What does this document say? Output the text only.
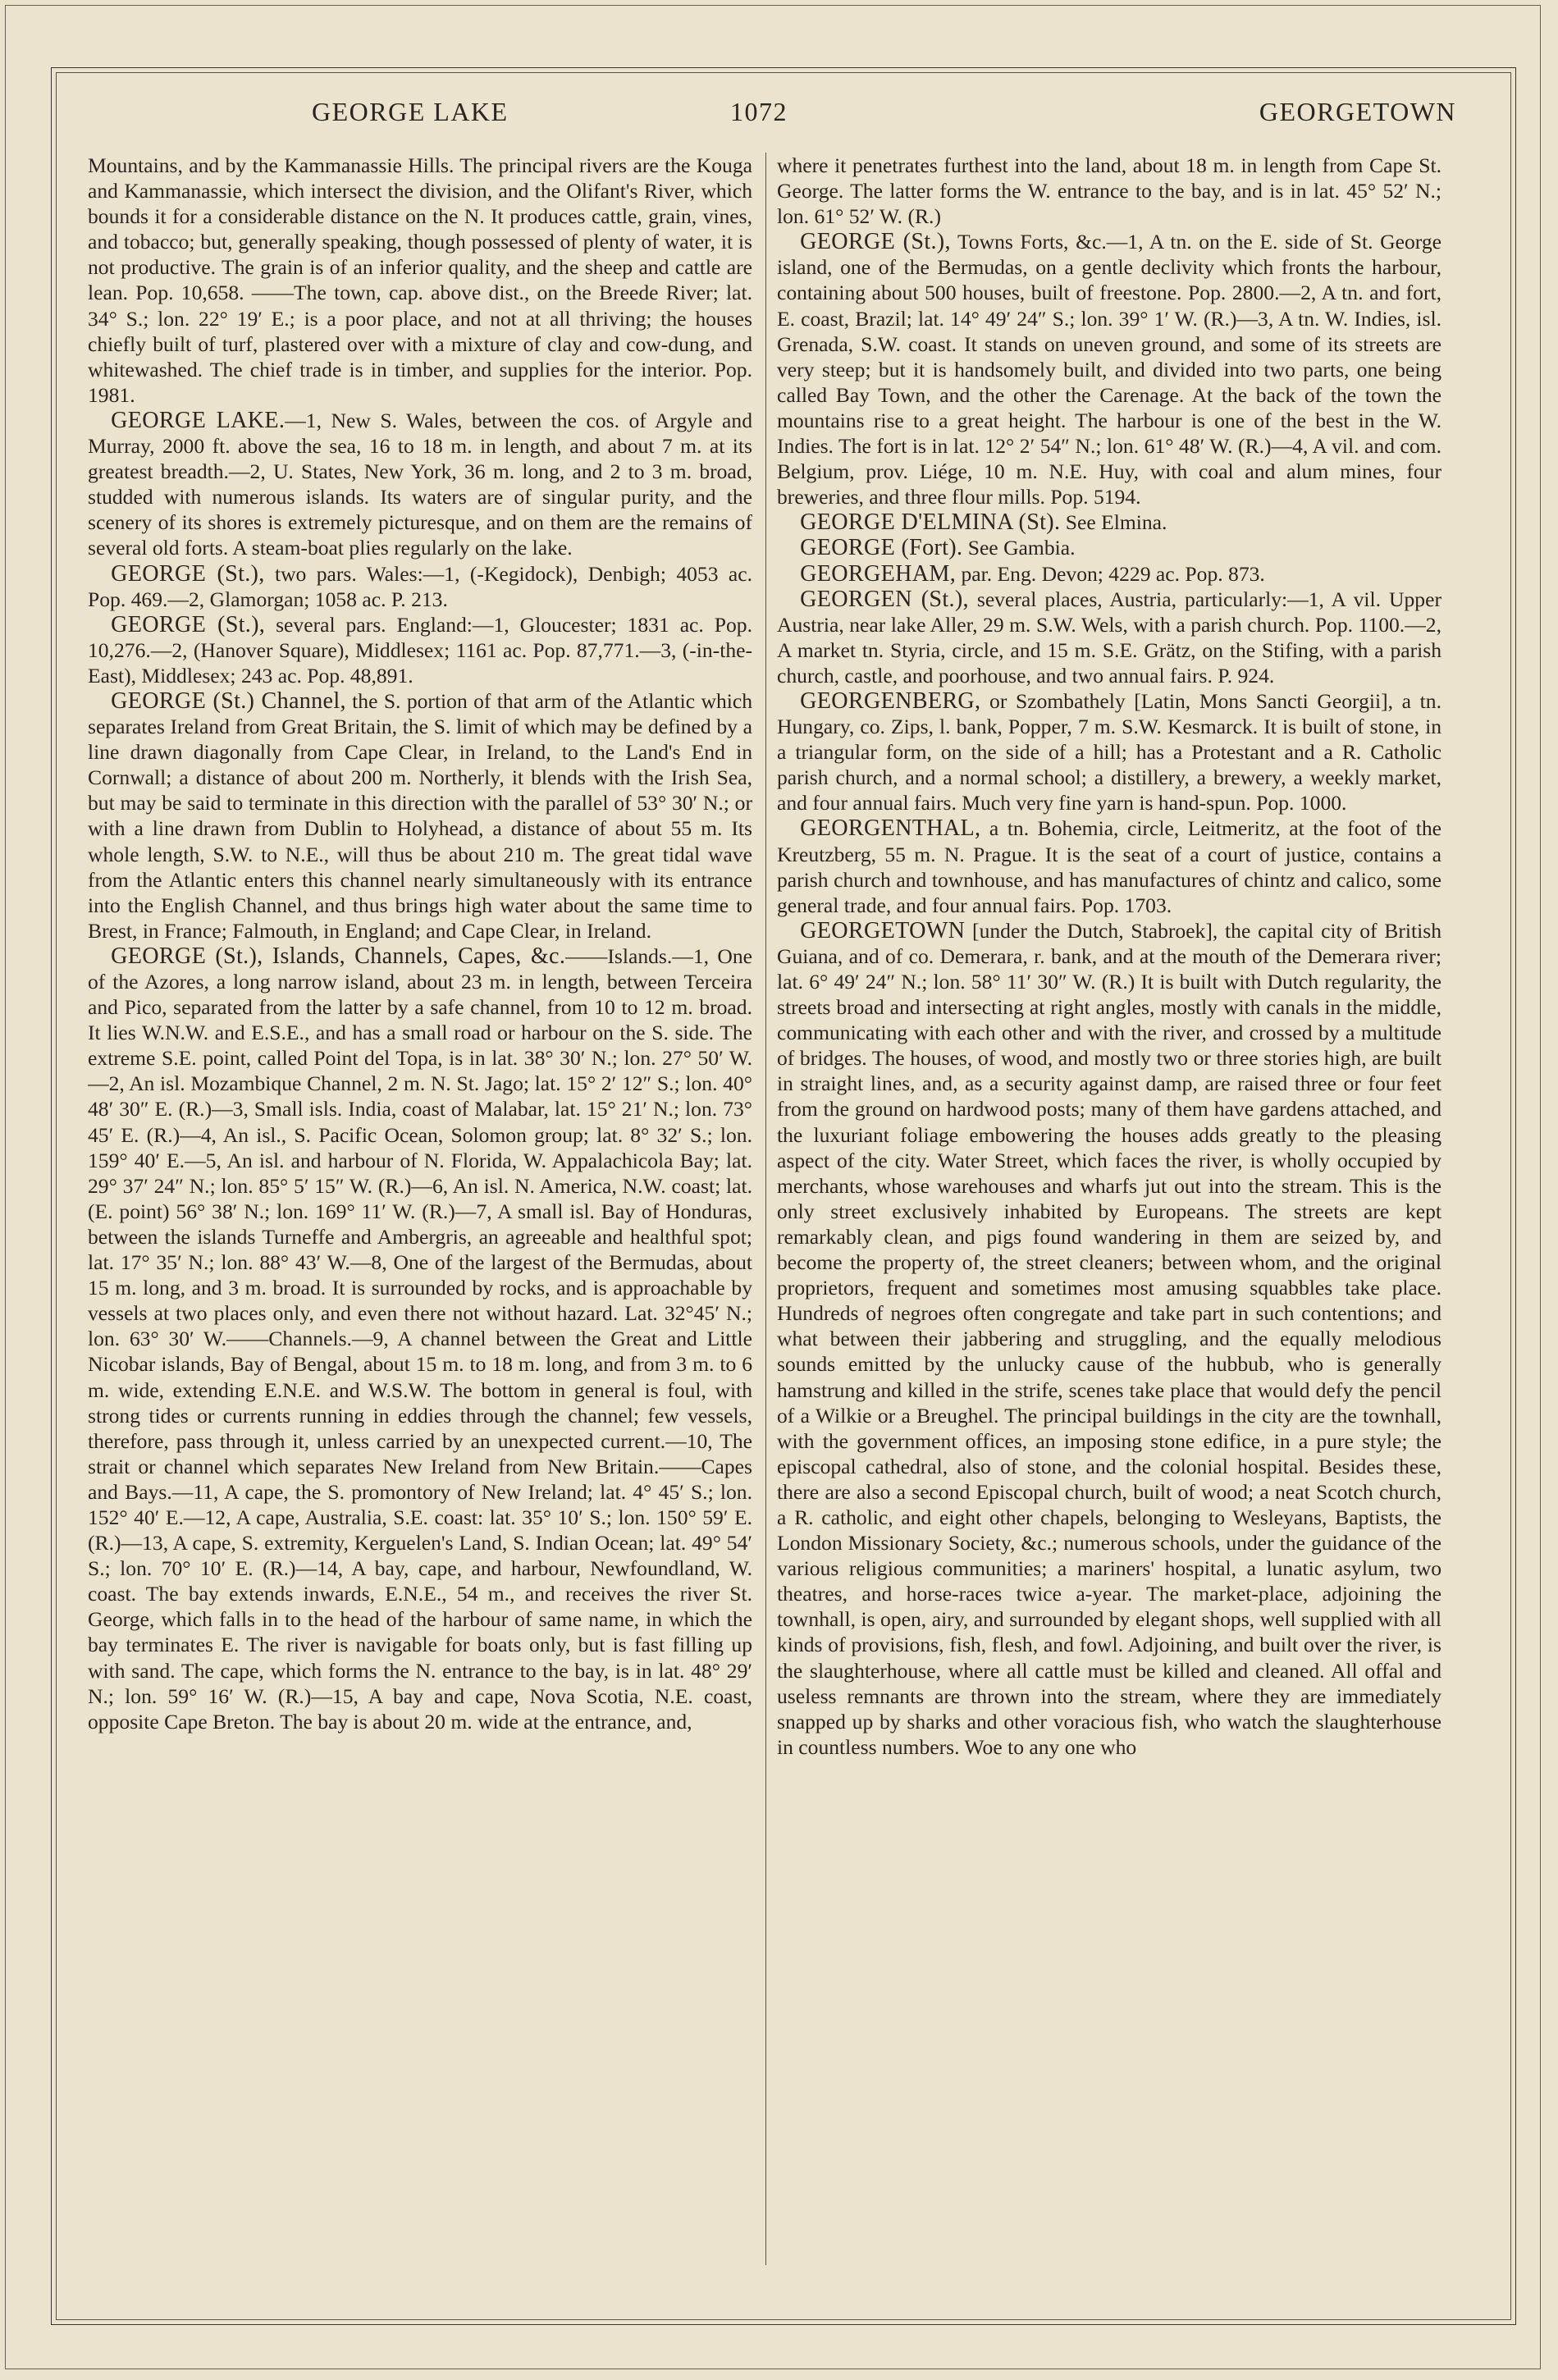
GEORGE LAKE	1072	GEORGETOWN

Mountains, and by the Kammanassie Hills. The principal rivers are the Kouga and Kammanassie, which intersect the division, and the Olifant's River, which bounds it for a considerable distance on the N. It produces cattle, grain, vines, and tobacco; but, generally speaking, though possessed of plenty of water, it is not productive. The grain is of an inferior quality, and the sheep and cattle are lean. Pop. 10,658. ——The town, cap. above dist., on the Breede River; lat. 34° S.; lon. 22° 19′ E.; is a poor place, and not at all thriving; the houses chiefly built of turf, plastered over with a mixture of clay and cow-dung, and whitewashed. The chief trade is in timber, and supplies for the interior. Pop. 1981.

GEORGE LAKE.—1, New S. Wales, between the cos. of Argyle and Murray, 2000 ft. above the sea, 16 to 18 m. in length, and about 7 m. at its greatest breadth.—2, U. States, New York, 36 m. long, and 2 to 3 m. broad, studded with numerous islands. Its waters are of singular purity, and the scenery of its shores is extremely picturesque, and on them are the remains of several old forts. A steam-boat plies regularly on the lake.

GEORGE (St.), two pars. Wales:—1, (-Kegidock), Denbigh; 4053 ac. Pop. 469.—2, Glamorgan; 1058 ac. P. 213.

GEORGE (St.), several pars. England:—1, Gloucester; 1831 ac. Pop. 10,276.—2, (Hanover Square), Middlesex; 1161 ac. Pop. 87,771.—3, (-in-the-East), Middlesex; 243 ac. Pop. 48,891.

GEORGE (St.) Channel, the S. portion of that arm of the Atlantic which separates Ireland from Great Britain, the S. limit of which may be defined by a line drawn diagonally from Cape Clear, in Ireland, to the Land's End in Cornwall; a distance of about 200 m. Northerly, it blends with the Irish Sea, but may be said to terminate in this direction with the parallel of 53° 30′ N.; or with a line drawn from Dublin to Holyhead, a distance of about 55 m. Its whole length, S.W. to N.E., will thus be about 210 m. The great tidal wave from the Atlantic enters this channel nearly simultaneously with its entrance into the English Channel, and thus brings high water about the same time to Brest, in France; Falmouth, in England; and Cape Clear, in Ireland.

GEORGE (St.), Islands, Channels, Capes, &c.——Islands.—1, One of the Azores, a long narrow island, about 23 m. in length, between Terceira and Pico, separated from the latter by a safe channel, from 10 to 12 m. broad. It lies W.N.W. and E.S.E., and has a small road or harbour on the S. side. The extreme S.E. point, called Point del Topa, is in lat. 38° 30′ N.; lon. 27° 50′ W.—2, An isl. Mozambique Channel, 2 m. N. St. Jago; lat. 15° 2′ 12″ S.; lon. 40° 48′ 30″ E. (R.)—3, Small isls. India, coast of Malabar, lat. 15° 21′ N.; lon. 73° 45′ E. (R.)—4, An isl., S. Pacific Ocean, Solomon group; lat. 8° 32′ S.; lon. 159° 40′ E.—5, An isl. and harbour of N. Florida, W. Appalachicola Bay; lat. 29° 37′ 24″ N.; lon. 85° 5′ 15″ W. (R.)—6, An isl. N. America, N.W. coast; lat. (E. point) 56° 38′ N.; lon. 169° 11′ W. (R.)—7, A small isl. Bay of Honduras, between the islands Turneffe and Ambergris, an agreeable and healthful spot; lat. 17° 35′ N.; lon. 88° 43′ W.—8, One of the largest of the Bermudas, about 15 m. long, and 3 m. broad. It is surrounded by rocks, and is approachable by vessels at two places only, and even there not without hazard. Lat. 32°45′ N.; lon. 63° 30′ W.——Channels.—9, A channel between the Great and Little Nicobar islands, Bay of Bengal, about 15 m. to 18 m. long, and from 3 m. to 6 m. wide, extending E.N.E. and W.S.W. The bottom in general is foul, with strong tides or currents running in eddies through the channel; few vessels, therefore, pass through it, unless carried by an unexpected current.—10, The strait or channel which separates New Ireland from New Britain.——Capes and Bays.—11, A cape, the S. promontory of New Ireland; lat. 4° 45′ S.; lon. 152° 40′ E.—12, A cape, Australia, S.E. coast: lat. 35° 10′ S.; lon. 150° 59′ E. (R.)—13, A cape, S. extremity, Kerguelen's Land, S. Indian Ocean; lat. 49° 54′ S.; lon. 70° 10′ E. (R.)—14, A bay, cape, and harbour, Newfoundland, W. coast. The bay extends inwards, E.N.E., 54 m., and receives the river St. George, which falls in to the head of the harbour of same name, in which the bay terminates E. The river is navigable for boats only, but is fast filling up with sand. The cape, which forms the N. entrance to the bay, is in lat. 48° 29′ N.; lon. 59° 16′ W. (R.)—15, A bay and cape, Nova Scotia, N.E. coast, opposite Cape Breton. The bay is about 20 m. wide at the entrance, and,

where it penetrates furthest into the land, about 18 m. in length from Cape St. George. The latter forms the W. entrance to the bay, and is in lat. 45° 52′ N.; lon. 61° 52′ W. (R.)

GEORGE (St.), Towns Forts, &c.—1, A tn. on the E. side of St. George island, one of the Bermudas, on a gentle declivity which fronts the harbour, containing about 500 houses, built of freestone. Pop. 2800.—2, A tn. and fort, E. coast, Brazil; lat. 14° 49′ 24″ S.; lon. 39° 1′ W. (R.)—3, A tn. W. Indies, isl. Grenada, S.W. coast. It stands on uneven ground, and some of its streets are very steep; but it is handsomely built, and divided into two parts, one being called Bay Town, and the other the Carenage. At the back of the town the mountains rise to a great height. The harbour is one of the best in the W. Indies. The fort is in lat. 12° 2′ 54″ N.; lon. 61° 48′ W. (R.)—4, A vil. and com. Belgium, prov. Liége, 10 m. N.E. Huy, with coal and alum mines, four breweries, and three flour mills. Pop. 5194.

GEORGE D'ELMINA (St). See Elmina.

GEORGE (Fort). See Gambia.

GEORGEHAM, par. Eng. Devon; 4229 ac. Pop. 873.

GEORGEN (St.), several places, Austria, particularly:—1, A vil. Upper Austria, near lake Aller, 29 m. S.W. Wels, with a parish church. Pop. 1100.—2, A market tn. Styria, circle, and 15 m. S.E. Grätz, on the Stifing, with a parish church, castle, and poorhouse, and two annual fairs. P. 924.

GEORGENBERG, or Szombathely [Latin, Mons Sancti Georgii], a tn. Hungary, co. Zips, l. bank, Popper, 7 m. S.W. Kesmarck. It is built of stone, in a triangular form, on the side of a hill; has a Protestant and a R. Catholic parish church, and a normal school; a distillery, a brewery, a weekly market, and four annual fairs. Much very fine yarn is hand-spun. Pop. 1000.

GEORGENTHAL, a tn. Bohemia, circle, Leitmeritz, at the foot of the Kreutzberg, 55 m. N. Prague. It is the seat of a court of justice, contains a parish church and townhouse, and has manufactures of chintz and calico, some general trade, and four annual fairs. Pop. 1703.

GEORGETOWN [under the Dutch, Stabroek], the capital city of British Guiana, and of co. Demerara, r. bank, and at the mouth of the Demerara river; lat. 6° 49′ 24″ N.; lon. 58° 11′ 30″ W. (R.) It is built with Dutch regularity, the streets broad and intersecting at right angles, mostly with canals in the middle, communicating with each other and with the river, and crossed by a multitude of bridges. The houses, of wood, and mostly two or three stories high, are built in straight lines, and, as a security against damp, are raised three or four feet from the ground on hardwood posts; many of them have gardens attached, and the luxuriant foliage embowering the houses adds greatly to the pleasing aspect of the city. Water Street, which faces the river, is wholly occupied by merchants, whose warehouses and wharfs jut out into the stream. This is the only street exclusively inhabited by Europeans. The streets are kept remarkably clean, and pigs found wandering in them are seized by, and become the property of, the street cleaners; between whom, and the original proprietors, frequent and sometimes most amusing squabbles take place. Hundreds of negroes often congregate and take part in such contentions; and what between their jabbering and struggling, and the equally melodious sounds emitted by the unlucky cause of the hubbub, who is generally hamstrung and killed in the strife, scenes take place that would defy the pencil of a Wilkie or a Breughel. The principal buildings in the city are the townhall, with the government offices, an imposing stone edifice, in a pure style; the episcopal cathedral, also of stone, and the colonial hospital. Besides these, there are also a second Episcopal church, built of wood; a neat Scotch church, a R. catholic, and eight other chapels, belonging to Wesleyans, Baptists, the London Missionary Society, &c.; numerous schools, under the guidance of the various religious communities; a mariners' hospital, a lunatic asylum, two theatres, and horse-races twice a-year. The market-place, adjoining the townhall, is open, airy, and surrounded by elegant shops, well supplied with all kinds of provisions, fish, flesh, and fowl. Adjoining, and built over the river, is the slaughterhouse, where all cattle must be killed and cleaned. All offal and useless remnants are thrown into the stream, where they are immediately snapped up by sharks and other voracious fish, who watch the slaughterhouse in countless numbers. Woe to any one who
